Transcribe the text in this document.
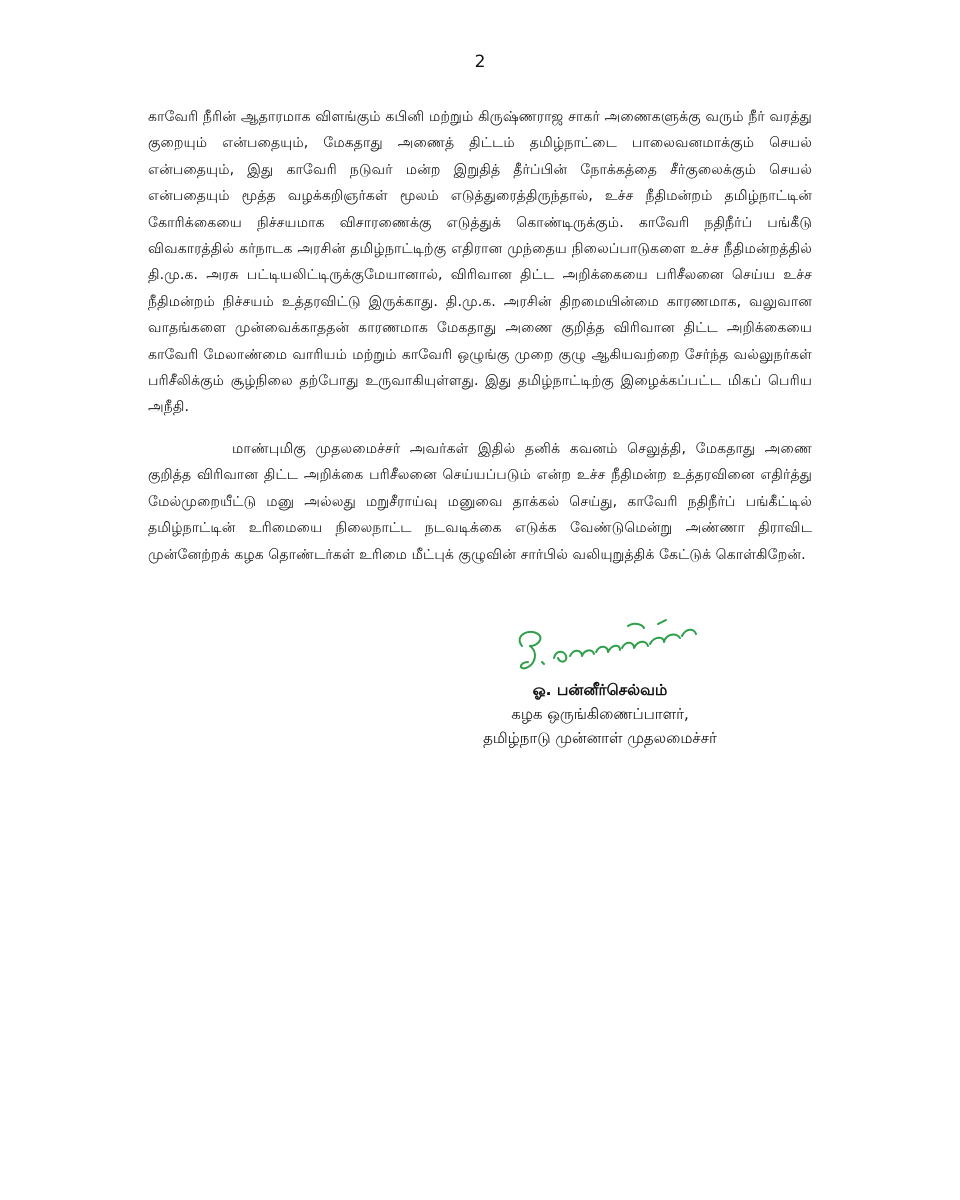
2

காவேரி நீரின் ஆதாரமாக விளங்கும் கபினி மற்றும் கிருஷ்ணராஜ சாகர் அணைகளுக்கு வரும் நீர் வரத்து குறையும் என்பதையும், மேகதாது அணைத் திட்டம் தமிழ்நாட்டை பாலைவனமாக்கும் செயல் என்பதையும், இது காவேரி நடுவர் மன்ற இறுதித் தீர்ப்பின் நோக்கத்தை சீர்குலைக்கும் செயல் என்பதையும் மூத்த வழக்கறிஞர்கள் மூலம் எடுத்துரைத்திருந்தால், உச்ச நீதிமன்றம் தமிழ்நாட்டின் கோரிக்கையை நிச்சயமாக விசாரணைக்கு எடுத்துக் கொண்டிருக்கும். காவேரி நதிநீர்ப் பங்கீடு விவகாரத்தில் கர்நாடக அரசின் தமிழ்நாட்டிற்கு எதிரான முந்தைய நிலைப்பாடுகளை உச்ச நீதிமன்றத்தில் தி.மு.க. அரசு பட்டியலிட்டிருக்குமேயானால், விரிவான திட்ட அறிக்கையை பரிசீலனை செய்ய உச்ச நீதிமன்றம் நிச்சயம் உத்தரவிட்டு இருக்காது. தி.மு.க. அரசின் திறமையின்மை காரணமாக, வலுவான வாதங்களை முன்வைக்காததன் காரணமாக மேகதாது அணை குறித்த விரிவான திட்ட அறிக்கையை காவேரி மேலாண்மை வாரியம் மற்றும் காவேரி ஒழுங்கு முறை குழு ஆகியவற்றை சேர்ந்த வல்லுநர்கள் பரிசீலிக்கும் சூழ்நிலை தற்போது உருவாகியுள்ளது. இது தமிழ்நாட்டிற்கு இழைக்கப்பட்ட மிகப் பெரிய அநீதி.

மாண்புமிகு முதலமைச்சர் அவர்கள் இதில் தனிக் கவனம் செலுத்தி, மேகதாது அணை குறித்த விரிவான திட்ட அறிக்கை பரிசீலனை செய்யப்படும் என்ற உச்ச நீதிமன்ற உத்தரவினை எதிர்த்து மேல்முறையீட்டு மனு அல்லது மறுசீராய்வு மனுவை தாக்கல் செய்து, காவேரி நதிநீர்ப் பங்கீட்டில் தமிழ்நாட்டின் உரிமையை நிலைநாட்ட நடவடிக்கை எடுக்க வேண்டுமென்று அண்ணா திராவிட முன்னேற்றக் கழக தொண்டர்கள் உரிமை மீட்புக் குழுவின் சார்பில் வலியுறுத்திக் கேட்டுக் கொள்கிறேன்.

ஓ. பன்னீர்செல்வம்
கழக ஒருங்கிணைப்பாளர்,
தமிழ்நாடு முன்னாள் முதலமைச்சர்
